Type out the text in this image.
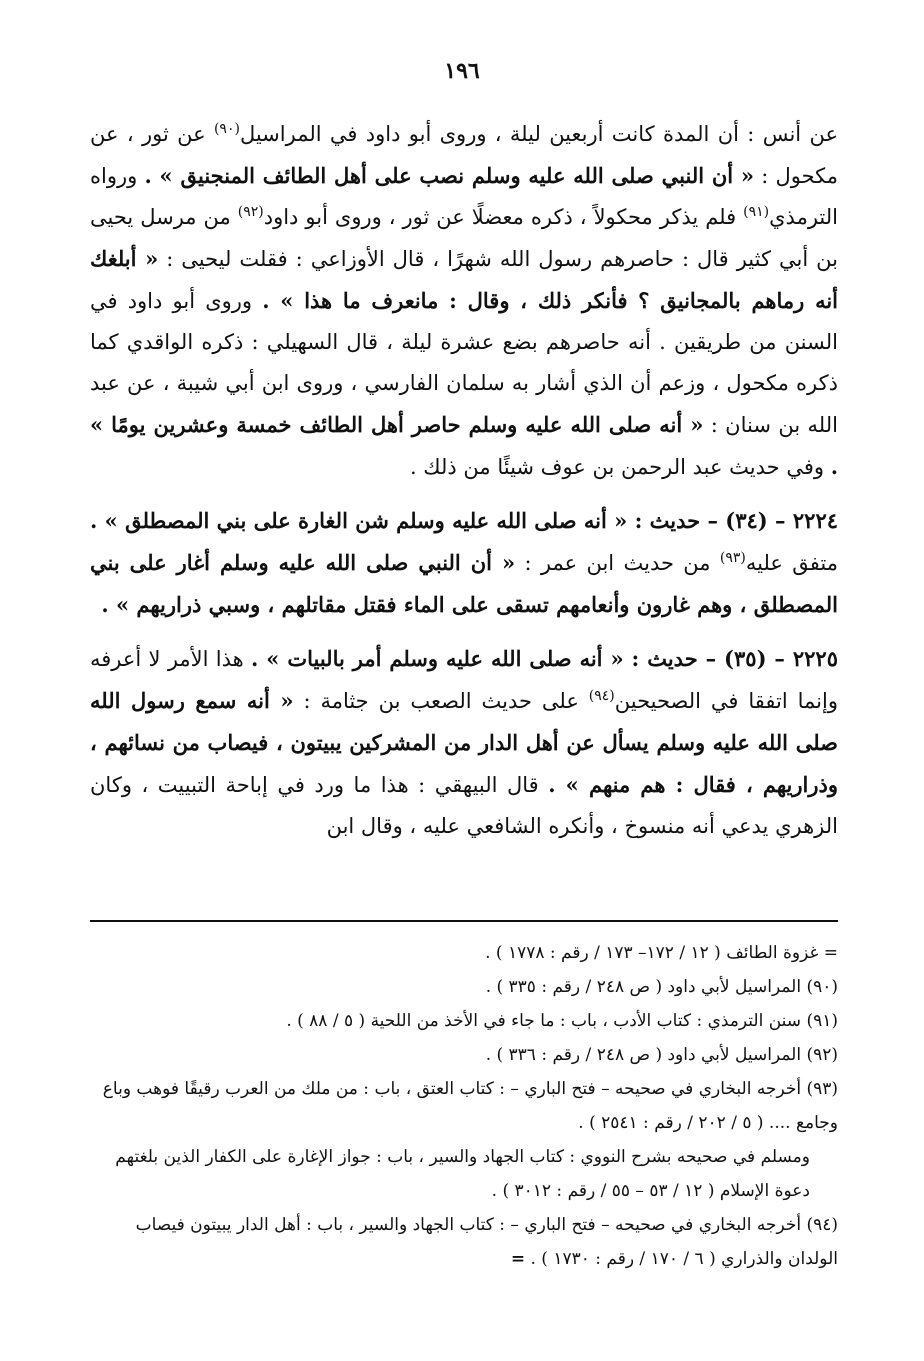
١٩٦

عن أنس : أن المدة كانت أربعين ليلة ، وروى أبو داود في المراسيل$^{(٩٠)}$ عن ثور ، عن مكحول : « أن النبي صلى الله عليه وسلم نصب على أهل الطائف المنجنيق » . ورواه الترمذي$^{(٩١)}$ فلم يذكر محكولاً ، ذكره معضلًا عن ثور ، وروى أبو داود$^{(٩٢)}$ من مرسل يحيى بن أبي كثير قال : حاصرهم رسول الله شهرًا ، قال الأوزاعي : فقلت ليحيى : « أبلغك أنه رماهم بالمجانيق ؟ فأنكر ذلك ، وقال : مانعرف ما هذا » . وروى أبو داود في السنن من طريقين . أنه حاصرهم بضع عشرة ليلة ، قال السهيلي : ذكره الواقدي كما ذكره مكحول ، وزعم أن الذي أشار به سلمان الفارسي ، وروى ابن أبي شيبة ، عن عبد الله بن سنان : « أنه صلى الله عليه وسلم حاصر أهل الطائف خمسة وعشرين يومًا » . وفي حديث عبد الرحمن بن عوف شيئًا من ذلك .

٢٢٢٤ – (٣٤) – حديث : « أنه صلى الله عليه وسلم شن الغارة على بني المصطلق » . متفق عليه$^{(٩٣)}$ من حديث ابن عمر : « أن النبي صلى الله عليه وسلم أغار على بني المصطلق ، وهم غارون وأنعامهم تسقى على الماء فقتل مقاتلهم ، وسبي ذراريهم » .

٢٢٢٥ – (٣٥) – حديث : « أنه صلى الله عليه وسلم أمر بالبيات » . هذا الأمر لا أعرفه وإنما اتفقا في الصحيحين$^{(٩٤)}$ على حديث الصعب بن جثامة : « أنه سمع رسول الله صلى الله عليه وسلم يسأل عن أهل الدار من المشركين يبيتون ، فيصاب من نسائهم ، وذراريهم ، فقال : هم منهم » . قال البيهقي : هذا ما ورد في إباحة التبييت ، وكان الزهري يدعي أنه منسوخ ، وأنكره الشافعي عليه ، وقال ابن

= غزوة الطائف ( ١٢ / ١٧٢– ١٧٣ / رقم : ١٧٧٨ ) .

(٩٠) المراسيل لأبي داود ( ص ٢٤٨ / رقم : ٣٣٥ ) .

(٩١) سنن الترمذي : كتاب الأدب ، باب : ما جاء في الأخذ من اللحية ( ٥ / ٨٨ ) .

(٩٢) المراسيل لأبي داود ( ص ٢٤٨ / رقم : ٣٣٦ ) .

(٩٣) أخرجه البخاري في صحيحه – فتح الباري – : كتاب العتق ، باب : من ملك من العرب رقيقًا فوهب وباع وجامع .... ( ٥ / ٢٠٢ / رقم : ٢٥٤١ ) .

ومسلم في صحيحه بشرح النووي : كتاب الجهاد والسير ، باب : جواز الإغارة على الكفار الذين بلغتهم دعوة الإسلام ( ١٢ / ٥٣ – ٥٥ / رقم : ٣٠١٢ ) .

(٩٤) أخرجه البخاري في صحيحه – فتح الباري – : كتاب الجهاد والسير ، باب : أهل الدار يبيتون فيصاب الولدان والذراري ( ٦ / ١٧٠ / رقم : ١٧٣٠ ) . =
